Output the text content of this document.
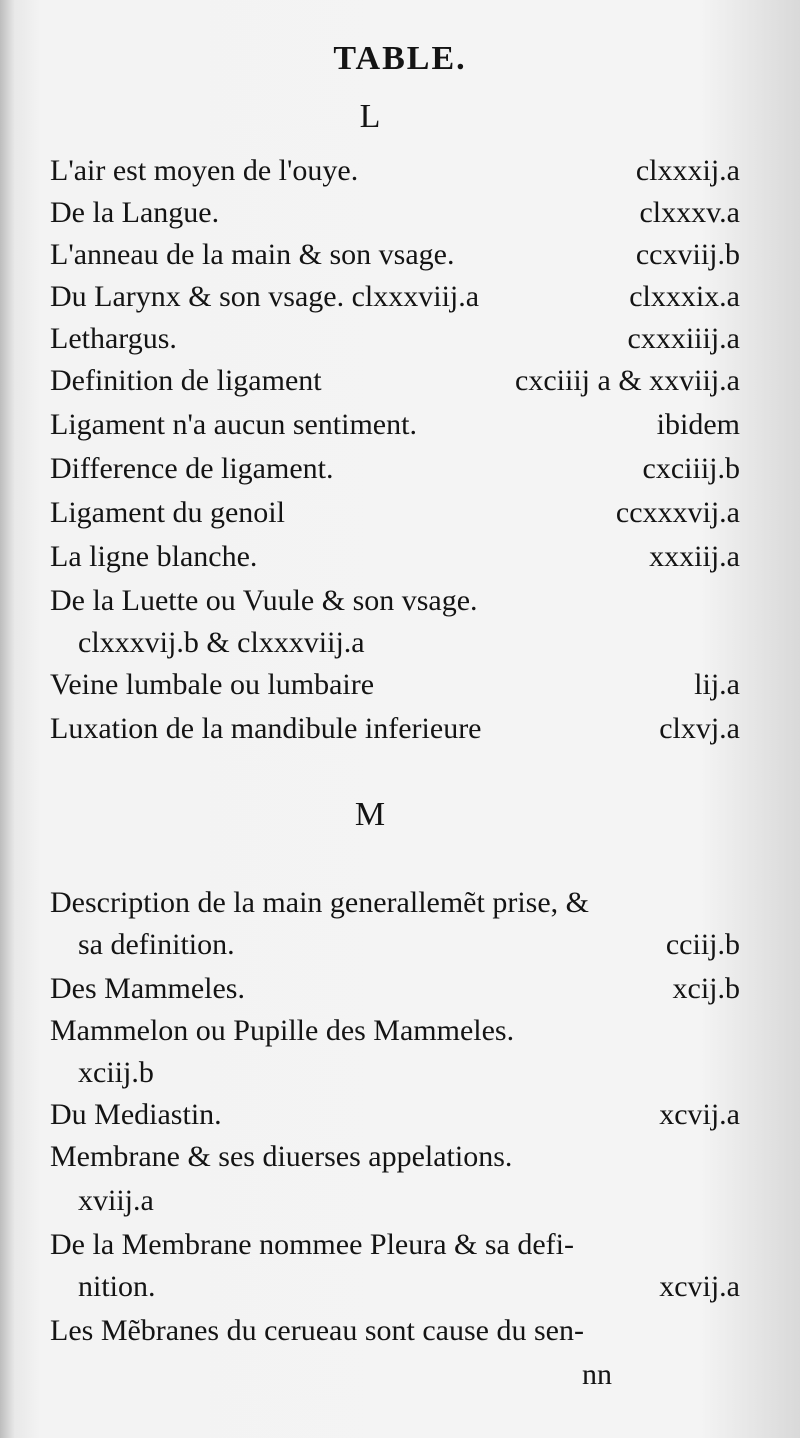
TABLE.
L
L'air est moyen de l'ouye.	clxxxij.a
De la Langue.	clxxxv.a
L'anneau de la main & son vsage.	ccxviij.b
Du Larynx & son vsage. clxxxviij.a	clxxxix.a
Lethargus.	cxxxiiij.a
Definition de ligament	cxciiij a & xxviij.a
Ligament n'a aucun sentiment.	ibidem
Difference de ligament.	cxciiij.b
Ligament du genoil	ccxxxvij.a
La ligne blanche.	xxxiij.a
De la Luette ou Vuule & son vsage.
clxxxvij.b & clxxxviij.a
Veine lumbale ou lumbaire	lij.a
Luxation de la mandibule inferieure	clxvj.a
M
Description de la main generallemẽt prise, &
sa definition.	cciij.b
Des Mammeles.	xcij.b
Mammelon ou Pupille des Mammeles.
xciij.b
Du Mediastin.	xcvij.a
Membrane & ses diuerses appelations.
xviij.a
De la Membrane nommee Pleura & sa defi-
nition.	xcvij.a
Les Mẽbranes du cerueau sont cause du sen-
nn
